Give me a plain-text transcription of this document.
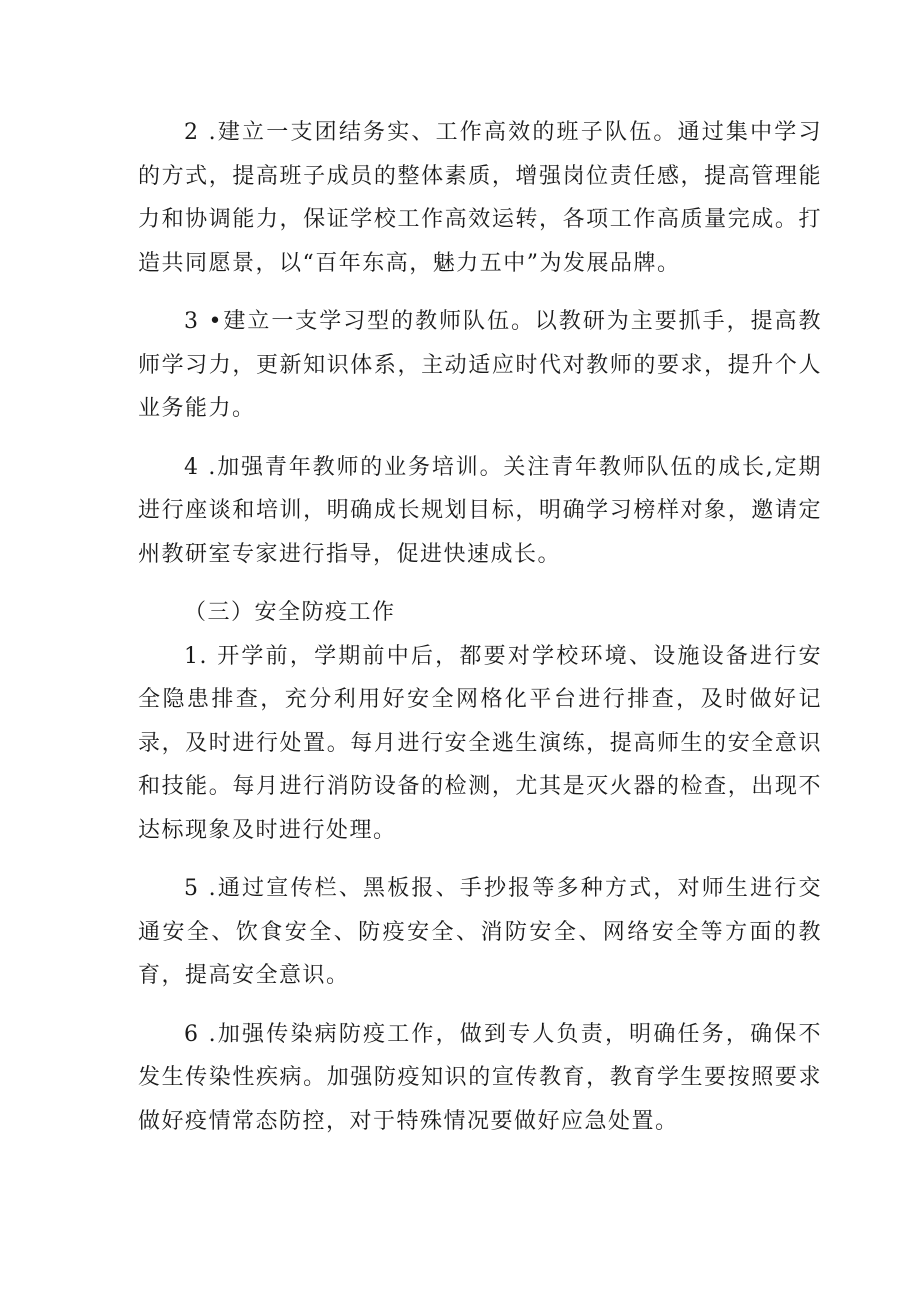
2 .建立一支团结务实、工作高效的班子队伍。通过集中学习的方式，提高班子成员的整体素质，增强岗位责任感，提高管理能力和协调能力，保证学校工作高效运转，各项工作高质量完成。打造共同愿景，以“百年东高，魅力五中”为发展品牌。

3 •建立一支学习型的教师队伍。以教研为主要抓手，提高教师学习力，更新知识体系，主动适应时代对教师的要求，提升个人业务能力。

4 .加强青年教师的业务培训。关注青年教师队伍的成长,定期进行座谈和培训，明确成长规划目标，明确学习榜样对象，邀请定州教研室专家进行指导，促进快速成长。

（三）安全防疫工作

1. 开学前，学期前中后，都要对学校环境、设施设备进行安全隐患排查，充分利用好安全网格化平台进行排查，及时做好记录，及时进行处置。每月进行安全逃生演练，提高师生的安全意识和技能。每月进行消防设备的检测，尤其是灭火器的检查，出现不达标现象及时进行处理。

5 .通过宣传栏、黑板报、手抄报等多种方式，对师生进行交通安全、饮食安全、防疫安全、消防安全、网络安全等方面的教育，提高安全意识。

6 .加强传染病防疫工作，做到专人负责，明确任务，确保不发生传染性疾病。加强防疫知识的宣传教育，教育学生要按照要求做好疫情常态防控，对于特殊情况要做好应急处置。
